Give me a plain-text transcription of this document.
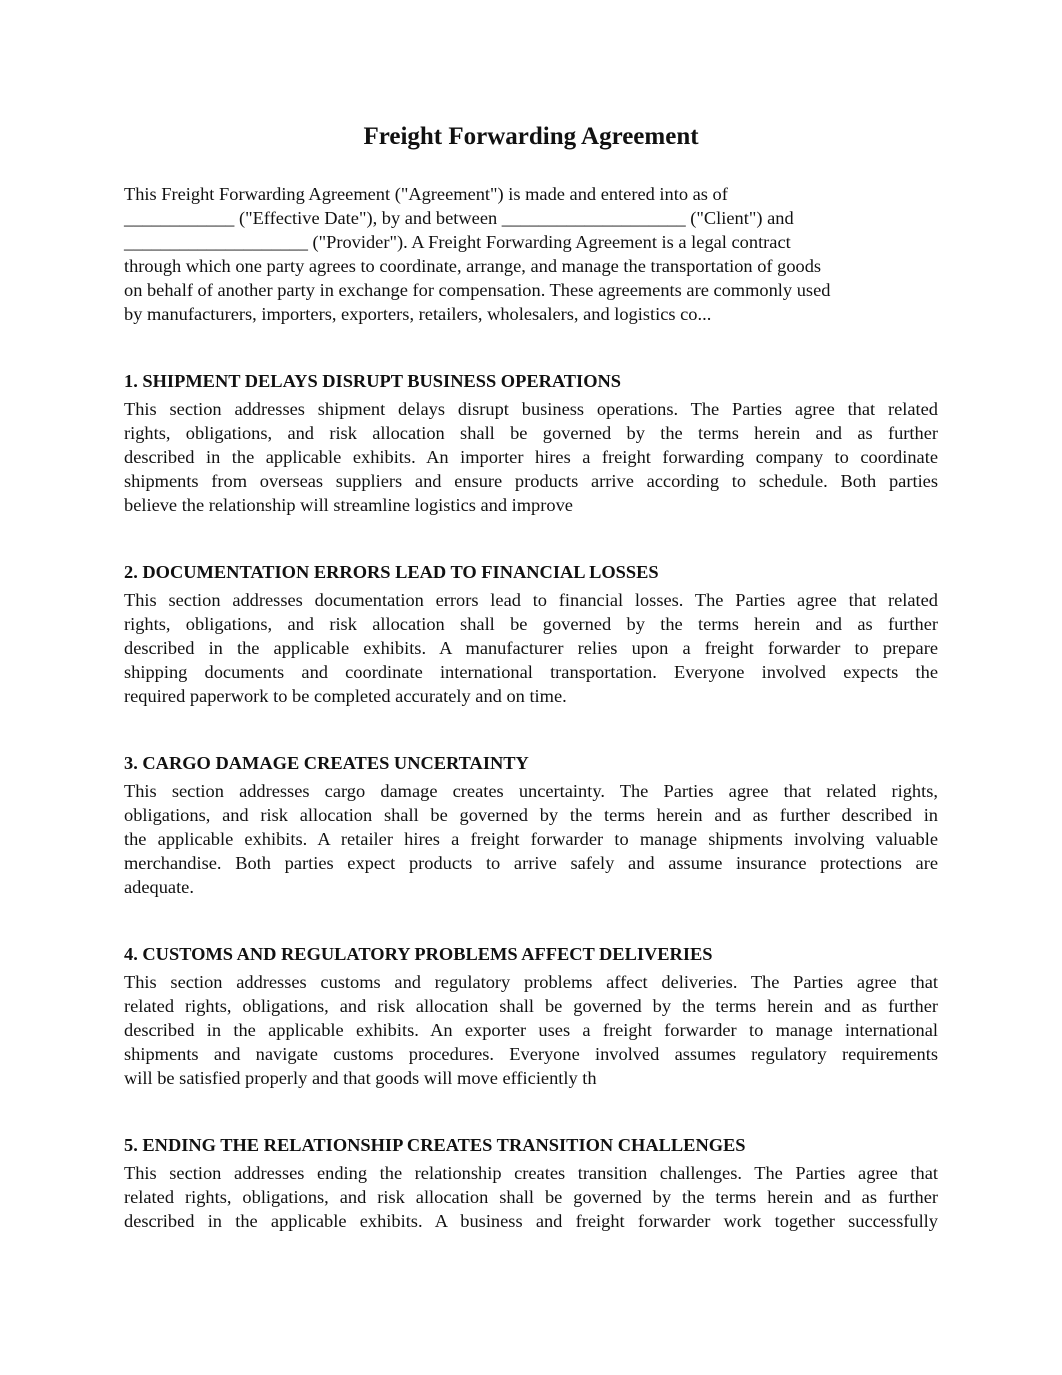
Freight Forwarding Agreement

This Freight Forwarding Agreement ("Agreement") is made and entered into as of
____________ ("Effective Date"), by and between ____________________ ("Client") and
____________________ ("Provider"). A Freight Forwarding Agreement is a legal contract
through which one party agrees to coordinate, arrange, and manage the transportation of goods
on behalf of another party in exchange for compensation. These agreements are commonly used
by manufacturers, importers, exporters, retailers, wholesalers, and logistics co...

1. SHIPMENT DELAYS DISRUPT BUSINESS OPERATIONS

This section addresses shipment delays disrupt business operations. The Parties agree that related
rights, obligations, and risk allocation shall be governed by the terms herein and as further
described in the applicable exhibits. An importer hires a freight forwarding company to coordinate
shipments from overseas suppliers and ensure products arrive according to schedule. Both parties
believe the relationship will streamline logistics and improve

2. DOCUMENTATION ERRORS LEAD TO FINANCIAL LOSSES

This section addresses documentation errors lead to financial losses. The Parties agree that related
rights, obligations, and risk allocation shall be governed by the terms herein and as further
described in the applicable exhibits. A manufacturer relies upon a freight forwarder to prepare
shipping documents and coordinate international transportation. Everyone involved expects the
required paperwork to be completed accurately and on time.

3. CARGO DAMAGE CREATES UNCERTAINTY

This section addresses cargo damage creates uncertainty. The Parties agree that related rights,
obligations, and risk allocation shall be governed by the terms herein and as further described in
the applicable exhibits. A retailer hires a freight forwarder to manage shipments involving valuable
merchandise. Both parties expect products to arrive safely and assume insurance protections are
adequate.

4. CUSTOMS AND REGULATORY PROBLEMS AFFECT DELIVERIES

This section addresses customs and regulatory problems affect deliveries. The Parties agree that
related rights, obligations, and risk allocation shall be governed by the terms herein and as further
described in the applicable exhibits. An exporter uses a freight forwarder to manage international
shipments and navigate customs procedures. Everyone involved assumes regulatory requirements
will be satisfied properly and that goods will move efficiently th

5. ENDING THE RELATIONSHIP CREATES TRANSITION CHALLENGES

This section addresses ending the relationship creates transition challenges. The Parties agree that
related rights, obligations, and risk allocation shall be governed by the terms herein and as further
described in the applicable exhibits. A business and freight forwarder work together successfully
